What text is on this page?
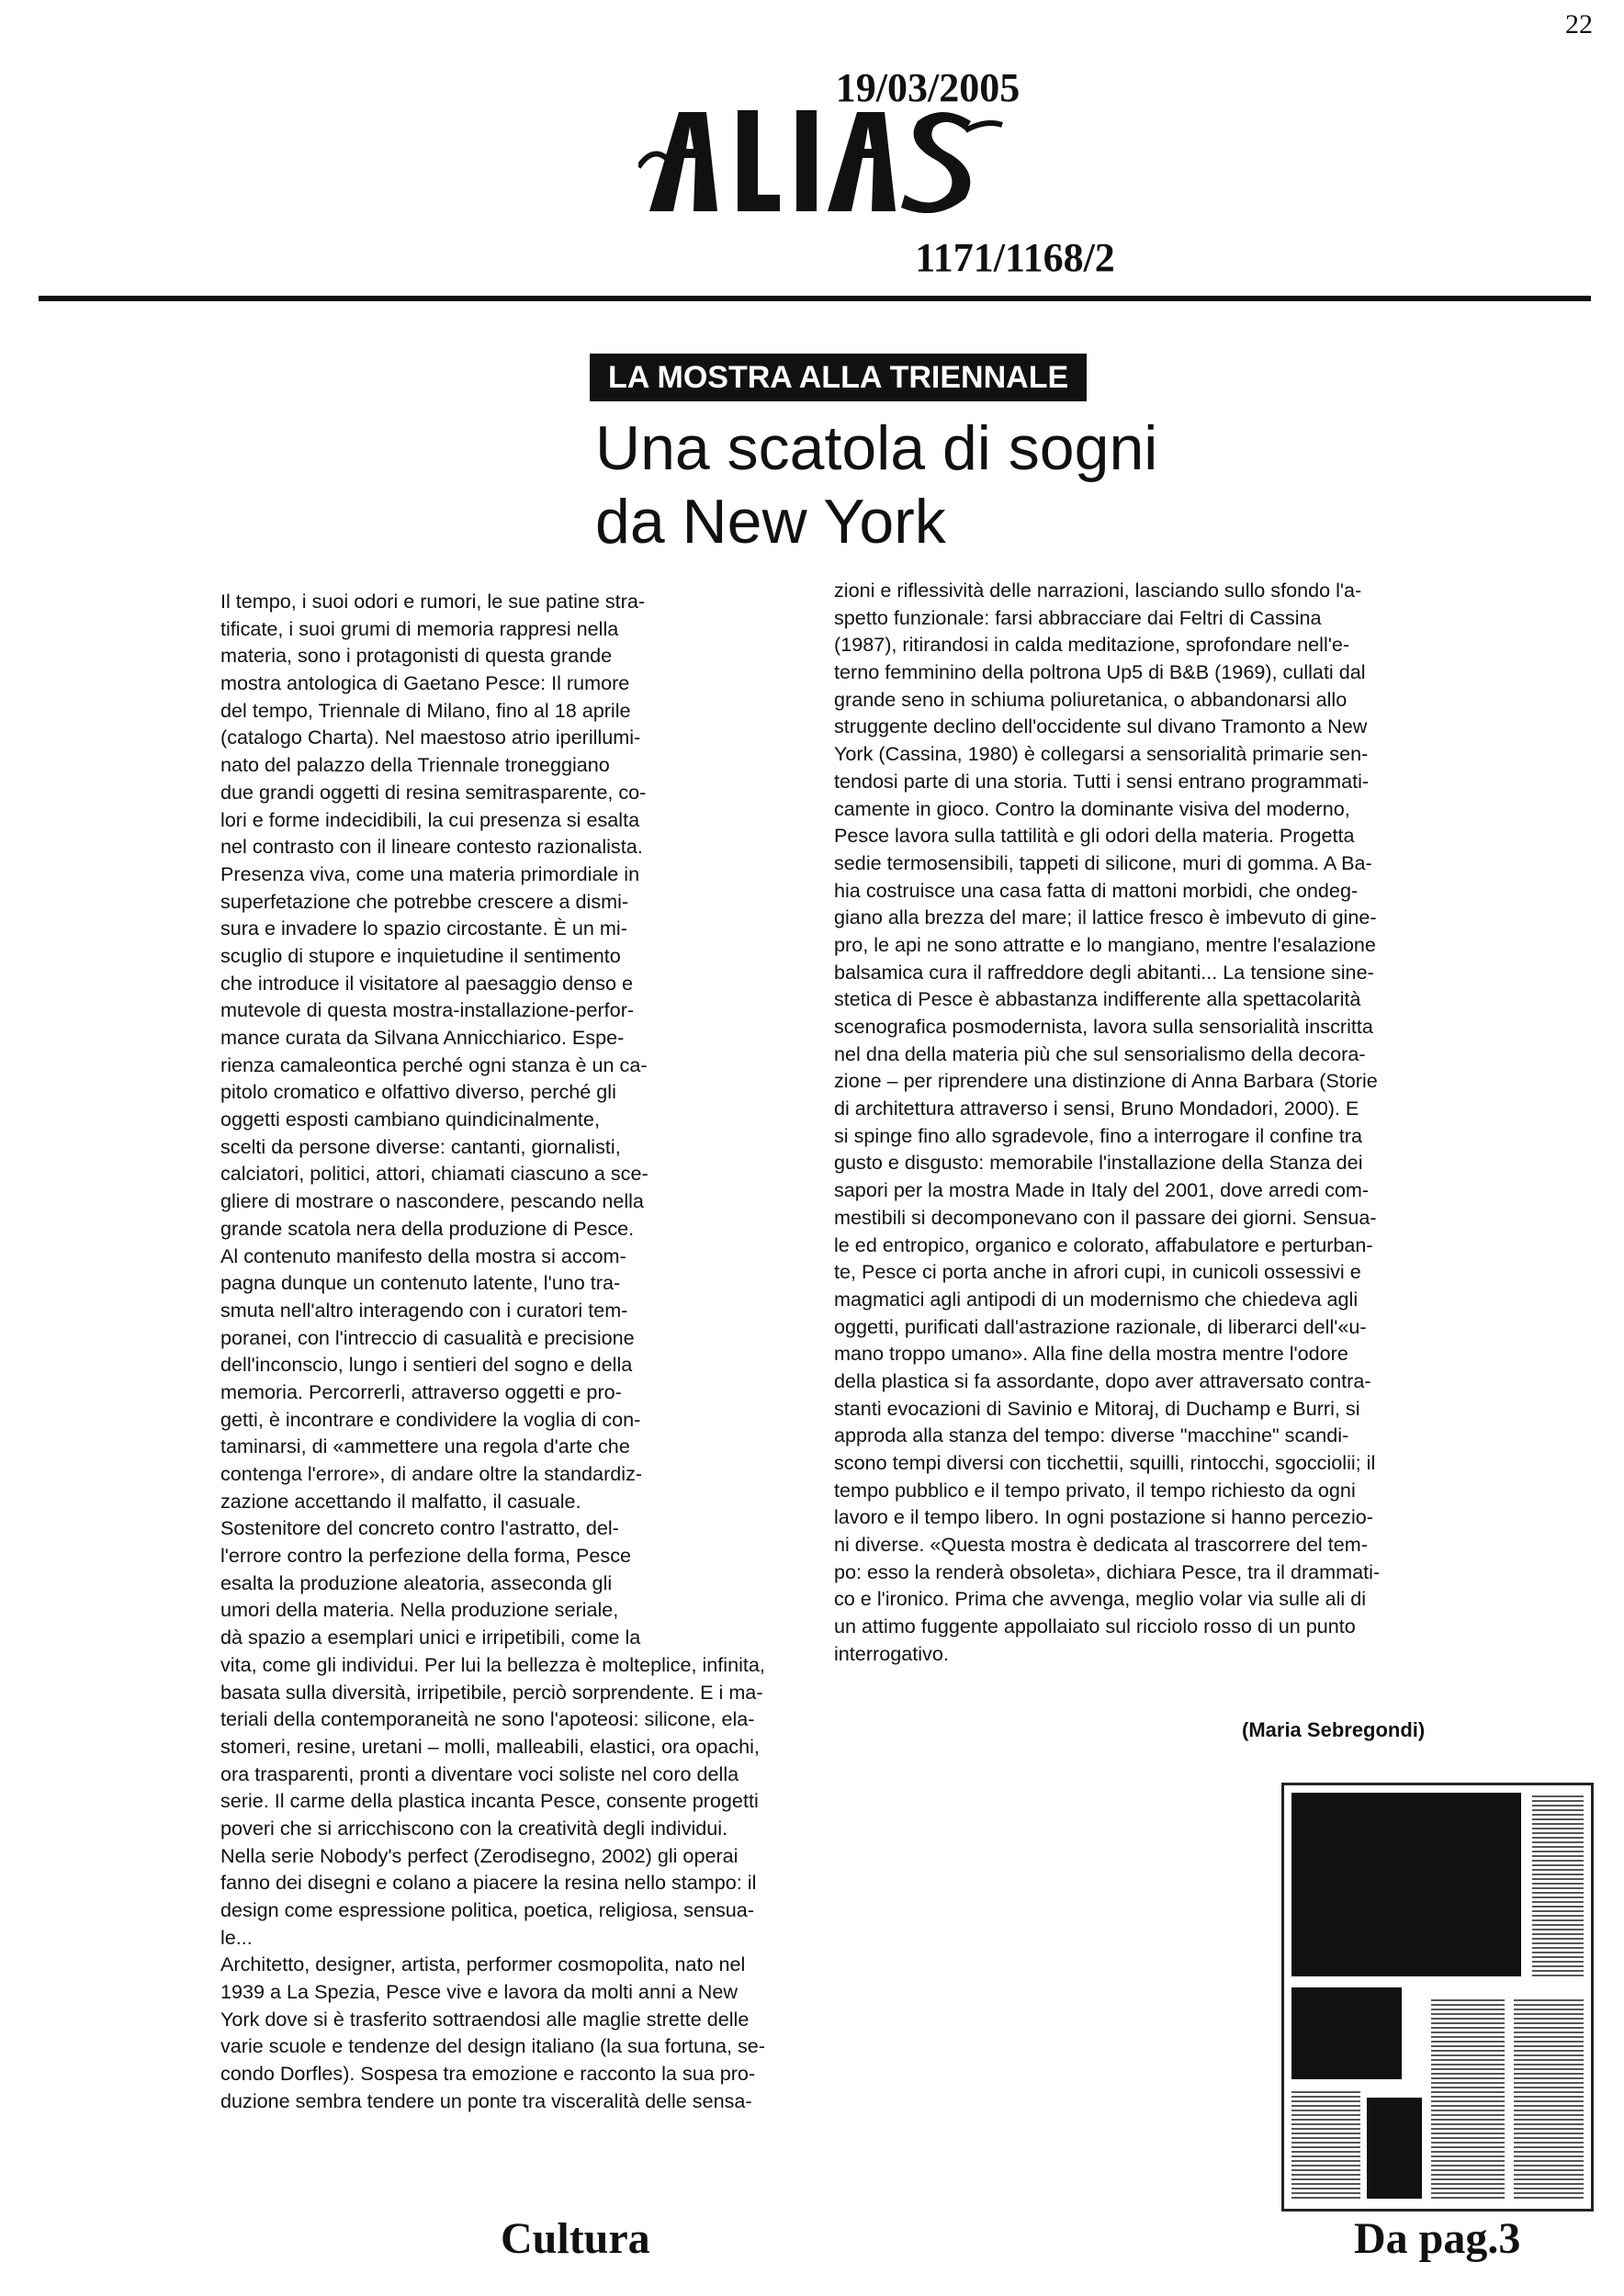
22
19/03/2005
1171/1168/2
LA MOSTRA ALLA TRIENNALE
Una scatola di sogni
da New York
Il tempo, i suoi odori e rumori, le sue patine stra-
tificate, i suoi grumi di memoria rappresi nella
materia, sono i protagonisti di questa grande
mostra antologica di Gaetano Pesce: Il rumore
del tempo, Triennale di Milano, fino al 18 aprile
(catalogo Charta). Nel maestoso atrio iperillumi-
nato del palazzo della Triennale troneggiano
due grandi oggetti di resina semitrasparente, co-
lori e forme indecidibili, la cui presenza si esalta
nel contrasto con il lineare contesto razionalista.
Presenza viva, come una materia primordiale in
superfetazione che potrebbe crescere a dismi-
sura e invadere lo spazio circostante. È un mi-
scuglio di stupore e inquietudine il sentimento
che introduce il visitatore al paesaggio denso e
mutevole di questa mostra-installazione-perfor-
mance curata da Silvana Annicchiarico. Espe-
rienza camaleontica perché ogni stanza è un ca-
pitolo cromatico e olfattivo diverso, perché gli
oggetti esposti cambiano quindicinalmente,
scelti da persone diverse: cantanti, giornalisti,
calciatori, politici, attori, chiamati ciascuno a sce-
gliere di mostrare o nascondere, pescando nella
grande scatola nera della produzione di Pesce.
Al contenuto manifesto della mostra si accom-
pagna dunque un contenuto latente, l'uno tra-
smuta nell'altro interagendo con i curatori tem-
poranei, con l'intreccio di casualità e precisione
dell'inconscio, lungo i sentieri del sogno e della
memoria. Percorrerli, attraverso oggetti e pro-
getti, è incontrare e condividere la voglia di con-
taminarsi, di «ammettere una regola d'arte che
contenga l'errore», di andare oltre la standardiz-
zazione accettando il malfatto, il casuale.
Sostenitore del concreto contro l'astratto, del-
l'errore contro la perfezione della forma, Pesce
esalta la produzione aleatoria, asseconda gli
umori della materia. Nella produzione seriale,
dà spazio a esemplari unici e irripetibili, come la
vita, come gli individui. Per lui la bellezza è molteplice, infinita,
basata sulla diversità, irripetibile, perciò sorprendente. E i ma-
teriali della contemporaneità ne sono l'apoteosi: silicone, ela-
stomeri, resine, uretani – molli, malleabili, elastici, ora opachi,
ora trasparenti, pronti a diventare voci soliste nel coro della
serie. Il carme della plastica incanta Pesce, consente progetti
poveri che si arricchiscono con la creatività degli individui.
Nella serie Nobody's perfect (Zerodisegno, 2002) gli operai
fanno dei disegni e colano a piacere la resina nello stampo: il
design come espressione politica, poetica, religiosa, sensua-
le...
Architetto, designer, artista, performer cosmopolita, nato nel
1939 a La Spezia, Pesce vive e lavora da molti anni a New
York dove si è trasferito sottraendosi alle maglie strette delle
varie scuole e tendenze del design italiano (la sua fortuna, se-
condo Dorfles). Sospesa tra emozione e racconto la sua pro-
duzione sembra tendere un ponte tra visceralità delle sensa-
zioni e riflessività delle narrazioni, lasciando sullo sfondo l'a-
spetto funzionale: farsi abbracciare dai Feltri di Cassina
(1987), ritirandosi in calda meditazione, sprofondare nell'e-
terno femminino della poltrona Up5 di B&B (1969), cullati dal
grande seno in schiuma poliuretanica, o abbandonarsi allo
struggente declino dell'occidente sul divano Tramonto a New
York (Cassina, 1980) è collegarsi a sensorialità primarie sen-
tendosi parte di una storia. Tutti i sensi entrano programmati-
camente in gioco. Contro la dominante visiva del moderno,
Pesce lavora sulla tattilità e gli odori della materia. Progetta
sedie termosensibili, tappeti di silicone, muri di gomma. A Ba-
hia costruisce una casa fatta di mattoni morbidi, che ondeg-
giano alla brezza del mare; il lattice fresco è imbevuto di gine-
pro, le api ne sono attratte e lo mangiano, mentre l'esalazione
balsamica cura il raffreddore degli abitanti... La tensione sine-
stetica di Pesce è abbastanza indifferente alla spettacolarità
scenografica posmodernista, lavora sulla sensorialità inscritta
nel dna della materia più che sul sensorialismo della decora-
zione – per riprendere una distinzione di Anna Barbara (Storie
di architettura attraverso i sensi, Bruno Mondadori, 2000). E
si spinge fino allo sgradevole, fino a interrogare il confine tra
gusto e disgusto: memorabile l'installazione della Stanza dei
sapori per la mostra Made in Italy del 2001, dove arredi com-
mestibili si decomponevano con il passare dei giorni. Sensua-
le ed entropico, organico e colorato, affabulatore e perturban-
te, Pesce ci porta anche in afrori cupi, in cunicoli ossessivi e
magmatici agli antipodi di un modernismo che chiedeva agli
oggetti, purificati dall'astrazione razionale, di liberarci dell'«u-
mano troppo umano». Alla fine della mostra mentre l'odore
della plastica si fa assordante, dopo aver attraversato contra-
stanti evocazioni di Savinio e Mitoraj, di Duchamp e Burri, si
approda alla stanza del tempo: diverse "macchine" scandi-
scono tempi diversi con ticchettii, squilli, rintocchi, sgocciolii; il
tempo pubblico e il tempo privato, il tempo richiesto da ogni
lavoro e il tempo libero. In ogni postazione si hanno percezio-
ni diverse. «Questa mostra è dedicata al trascorrere del tem-
po: esso la renderà obsoleta», dichiara Pesce, tra il drammati-
co e l'ironico. Prima che avvenga, meglio volar via sulle ali di
un attimo fuggente appollaiato sul ricciolo rosso di un punto
interrogativo.
(Maria Sebregondi)
Cultura	Da pag.3
